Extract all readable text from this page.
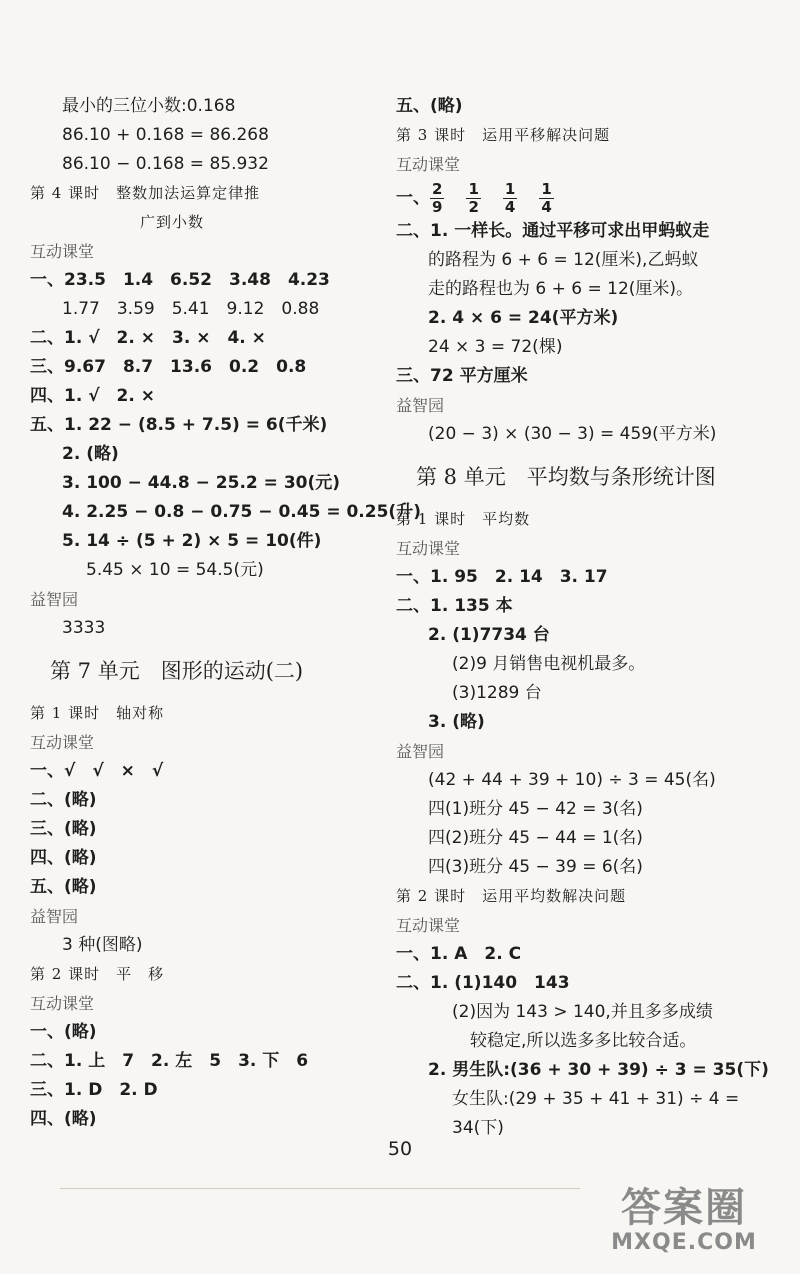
最小的三位小数:0.168
86.10 + 0.168 = 86.268
86.10 − 0.168 = 85.932
第 4 课时　整数加法运算定律推
广到小数
互动课堂
一、23.5　1.4　6.52　3.48　4.23
1.77　3.59　5.41　9.12　0.88
二、1. √　2. ×　3. ×　4. ×
三、9.67　8.7　13.6　0.2　0.8
四、1. √　2. ×
五、1. 22 − (8.5 + 7.5) = 6(千米)
2. (略)
3. 100 − 44.8 − 25.2 = 30(元)
4. 2.25 − 0.8 − 0.75 − 0.45 = 0.25(升)
5. 14 ÷ (5 + 2) × 5 = 10(件)
5.45 × 10 = 54.5(元)
益智园
3333
第 7 单元　图形的运动(二)
第 1 课时　轴对称
互动课堂
一、√　√　×　√
二、(略)
三、(略)
四、(略)
五、(略)
益智园
3 种(图略)
第 2 课时　平　移
互动课堂
一、(略)
二、1. 上　7　2. 左　5　3. 下　6
三、1. D　2. D
四、(略)
五、(略)
第 3 课时　运用平移解决问题
互动课堂
一、 $\frac{2}{9} \frac{1}{2} \frac{1}{4} \frac{1}{4}$
二、1. 一样长。通过平移可求出甲蚂蚁走
的路程为 6 + 6 = 12(厘米),乙蚂蚁
走的路程也为 6 + 6 = 12(厘米)。
2. 4 × 6 = 24(平方米)
24 × 3 = 72(棵)
三、72 平方厘米
益智园
(20 − 3) × (30 − 3) = 459(平方米)
第 8 单元　平均数与条形统计图
第 1 课时　平均数
互动课堂
一、1. 95　2. 14　3. 17
二、1. 135 本
2. (1)7734 台
(2)9 月销售电视机最多。
(3)1289 台
3. (略)
益智园
(42 + 44 + 39 + 10) ÷ 3 = 45(名)
四(1)班分 45 − 42 = 3(名)
四(2)班分 45 − 44 = 1(名)
四(3)班分 45 − 39 = 6(名)
第 2 课时　运用平均数解决问题
互动课堂
一、1. A　2. C
二、1. (1)140　143
(2)因为 143 > 140,并且多多成绩
较稳定,所以选多多比较合适。
2. 男生队:(36 + 30 + 39) ÷ 3 = 35(下)
女生队:(29 + 35 + 41 + 31) ÷ 4 =
34(下)
50
答案圈
MXQE.COM
